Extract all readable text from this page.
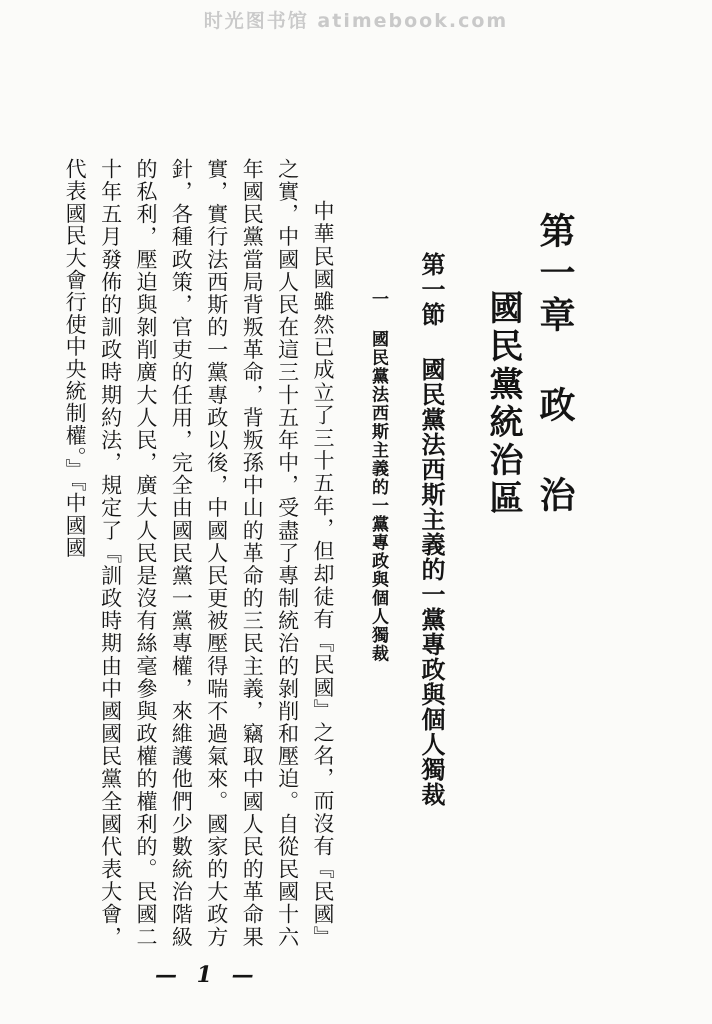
时光图书馆 atimebook.com
第一章 政 治
國民黨統治區
第一節 國民黨法西斯主義的一黨專政與個人獨裁
一 國民黨法西斯主義的一黨專政與個人獨裁
中華民國雖然已成立了三十五年，但却徒有『民國』之名，而沒有『民國』之實，中國人民在這三十五年中，受盡了專制統治的剝削和壓迫。自從民國十六年國民黨當局背叛革命，背叛孫中山的革命的三民主義，竊取中國人民的革命果實，實行法西斯的一黨專政以後，中國人民更被壓得喘不過氣來。國家的大政方針，各種政策，官吏的任用，完全由國民黨一黨專權，來維護他們少數統治階級的私利，壓迫與剝削廣大人民，廣大人民是沒有絲毫參與政權的權利的。民國二十年五月發佈的訓政時期約法，規定了『訓政時期由中國國民黨全國代表大會，代表國民大會行使中央統制權。』『中國國
— 1 —
